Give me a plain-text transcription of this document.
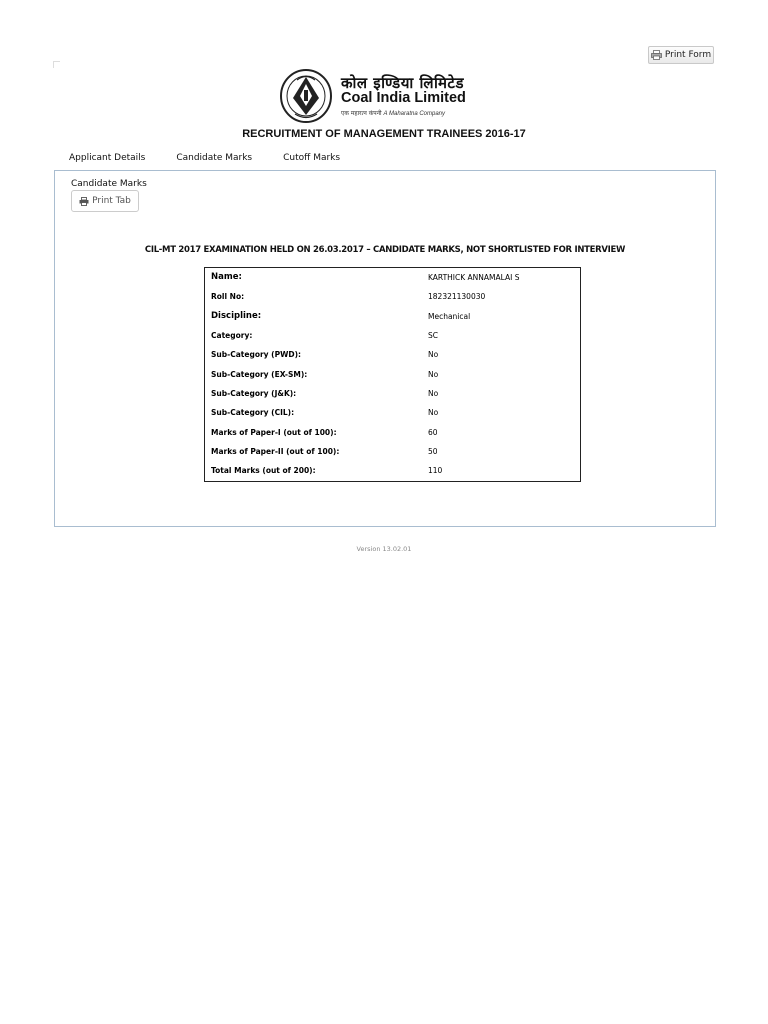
Print Form
कोल इण्डिया लिमिटेड
Coal India Limited
एक महारत्न कंपनी A Maharatna Company
RECRUITMENT OF MANAGEMENT TRAINEES 2016-17
Applicant Details	Candidate Marks	Cutoff Marks
Candidate Marks
Print Tab
CIL-MT 2017 EXAMINATION HELD ON 26.03.2017 – CANDIDATE MARKS, NOT SHORTLISTED FOR INTERVIEW
Name:	KARTHICK ANNAMALAI S
Roll No:	182321130030
Discipline:	Mechanical
Category:	SC
Sub-Category (PWD):	No
Sub-Category (EX-SM):	No
Sub-Category (J&K):	No
Sub-Category (CIL):	No
Marks of Paper-I (out of 100):	60
Marks of Paper-II (out of 100):	50
Total Marks (out of 200):	110
Version 13.02.01
